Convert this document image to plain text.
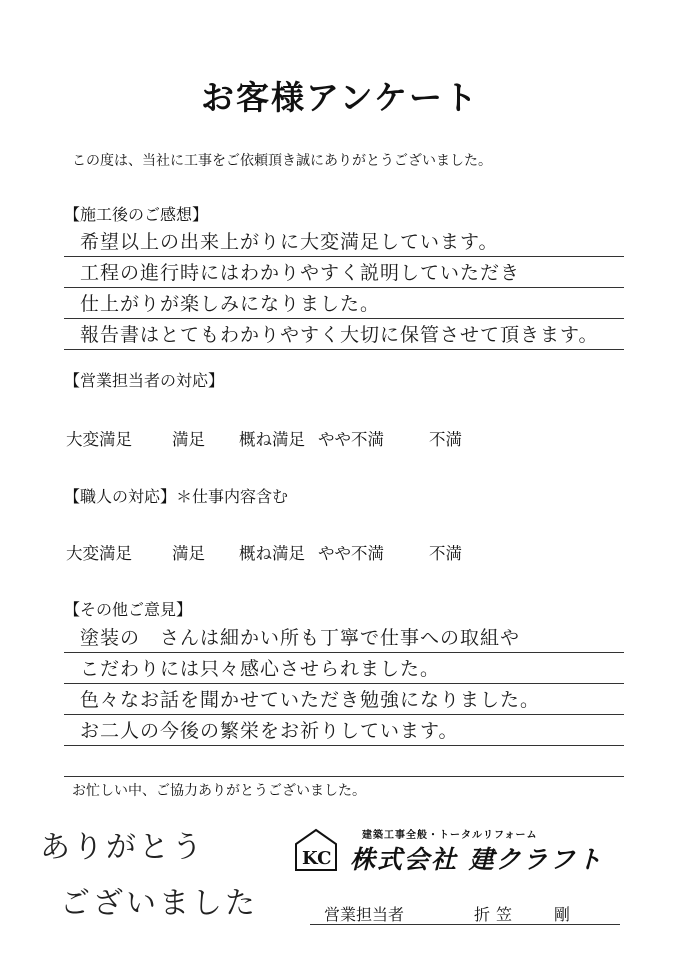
お客様アンケート
この度は、当社に工事をご依頼頂き誠にありがとうございました。
【施工後のご感想】
希望以上の出来上がりに大変満足しています。
工程の進行時にはわかりやすく説明していただき
仕上がりが楽しみになりました。
報告書はとてもわかりやすく大切に保管させて頂きます。
【営業担当者の対応】
大変満足 満足 概ね満足 やや不満	不満
【職人の対応】＊仕事内容含む
大変満足 満足 概ね満足 やや不満	不満
【その他ご意見】
塗装の　さんは細かい所も丁寧で仕事への取組や
こだわりには只々感心させられました。
色々なお話を聞かせていただき勉強になりました。
お二人の今後の繁栄をお祈りしています。
お忙しい中、ご協力ありがとうございました。
ありがとう
ございました
KC
建築工事全般・トータルリフォーム
株式会社 建クラフト
営業担当者	折笠 剛
